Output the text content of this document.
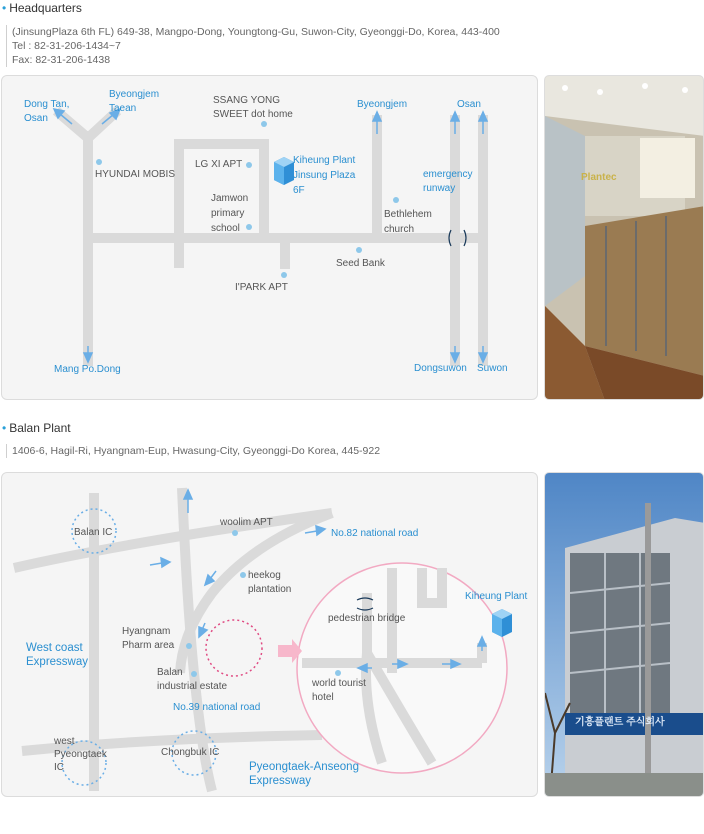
• Headquarters
(JinsungPlaza 6th FL) 649-38, Mangpo-Dong, Youngtong-Gu, Suwon-City, Gyeonggi-Do, Korea, 443-400
Tel : 82-31-206-1434~7
Fax: 82-31-206-1438
Dong Tan,
Osan
Byeongjem
Taean
SSANG YONG
SWEET dot home
Byeongjem	Osan
HYUNDAI MOBIS
LG XI APT	Kiheung Plant
Jinsung Plaza
6F
emergency
runway
Jamwon
primary
school
Bethlehem
church
Seed Bank
I'PARK APT
Mang Po.Dong	Dongsuwon Suwon
Plantec
• Balan Plant
1406-6, Hagil-Ri, Hyangnam-Eup, Hwasung-City, Gyeonggi-Do Korea, 445-922
Balan IC
woolim APT
No.82 national road
heekog
plantation
Hyangnam
Pharm area
Balan
industrial estate
No.39 national road
West coast
Expressway
west
Pyeongtaek
IC
Chongbuk IC
Pyeongtaek-Anseong
Expressway
Kiheung Plant
pedestrian bridge
world tourist
hotel
기흥플랜트 주식회사
